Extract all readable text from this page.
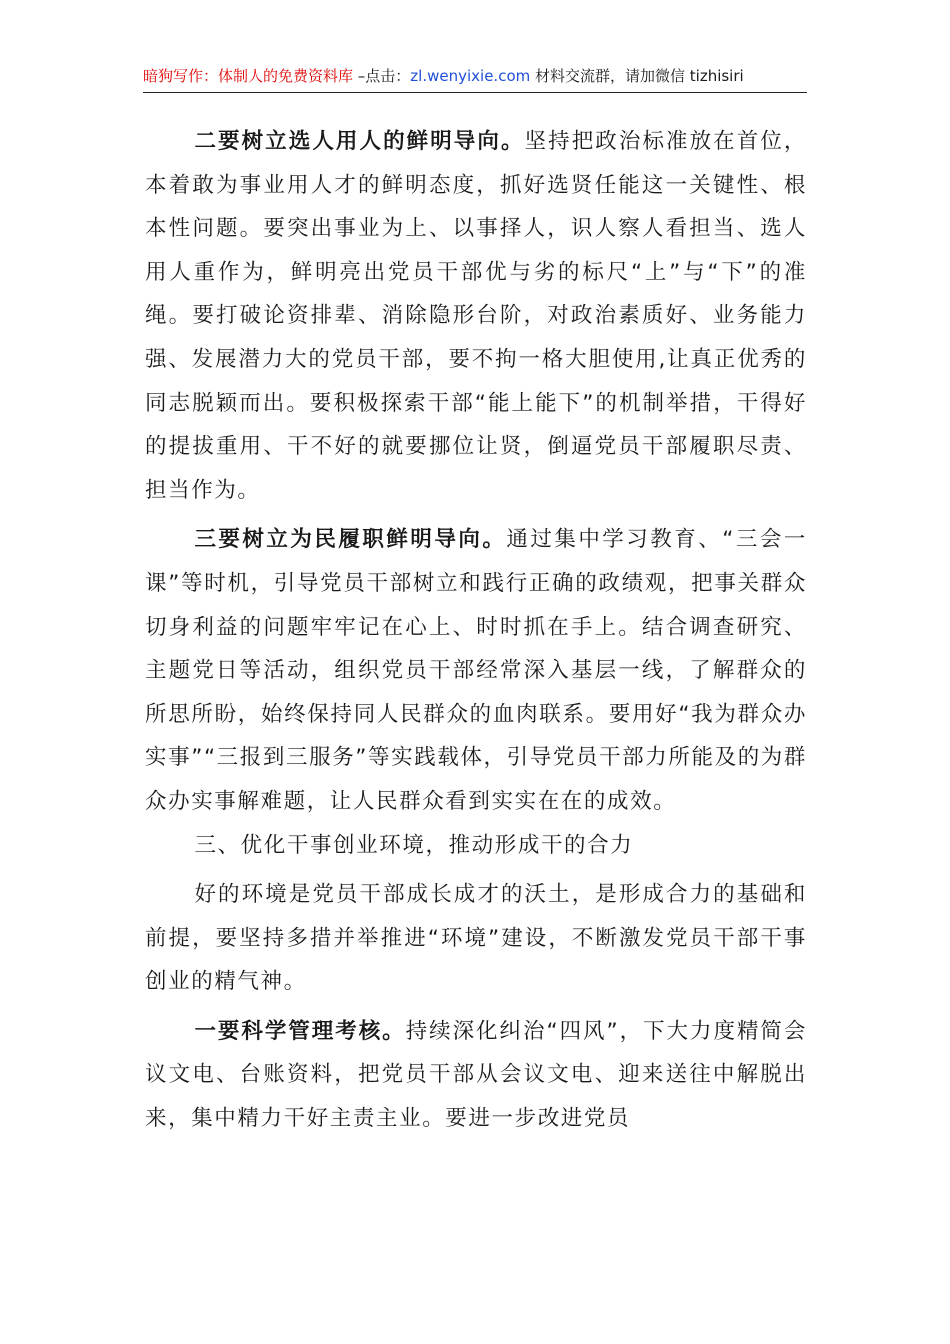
暗狗写作：体制人的免费资料库 –点击：zl.wenyixie.com 材料交流群，请加微信 tizhisiri

二要树立选人用人的鲜明导向。坚持把政治标准放在首位，本着敢为事业用人才的鲜明态度，抓好选贤任能这一关键性、根本性问题。要突出事业为上、以事择人，识人察人看担当、选人用人重作为，鲜明亮出党员干部优与劣的标尺“上”与“下”的准绳。要打破论资排辈、消除隐形台阶，对政治素质好、业务能力强、发展潜力大的党员干部，要不拘一格大胆使用,让真正优秀的同志脱颖而出。要积极探索干部“能上能下”的机制举措，干得好的提拔重用、干不好的就要挪位让贤，倒逼党员干部履职尽责、担当作为。

三要树立为民履职鲜明导向。通过集中学习教育、“三会一课”等时机，引导党员干部树立和践行正确的政绩观，把事关群众切身利益的问题牢牢记在心上、时时抓在手上。结合调查研究、主题党日等活动，组织党员干部经常深入基层一线，了解群众的所思所盼，始终保持同人民群众的血肉联系。要用好“我为群众办实事”“三报到三服务”等实践载体，引导党员干部力所能及的为群众办实事解难题，让人民群众看到实实在在的成效。

三、优化干事创业环境，推动形成干的合力

好的环境是党员干部成长成才的沃土，是形成合力的基础和前提，要坚持多措并举推进“环境”建设，不断激发党员干部干事创业的精气神。

一要科学管理考核。持续深化纠治“四风”，下大力度精简会议文电、台账资料，把党员干部从会议文电、迎来送往中解脱出来，集中精力干好主责主业。要进一步改进党员
